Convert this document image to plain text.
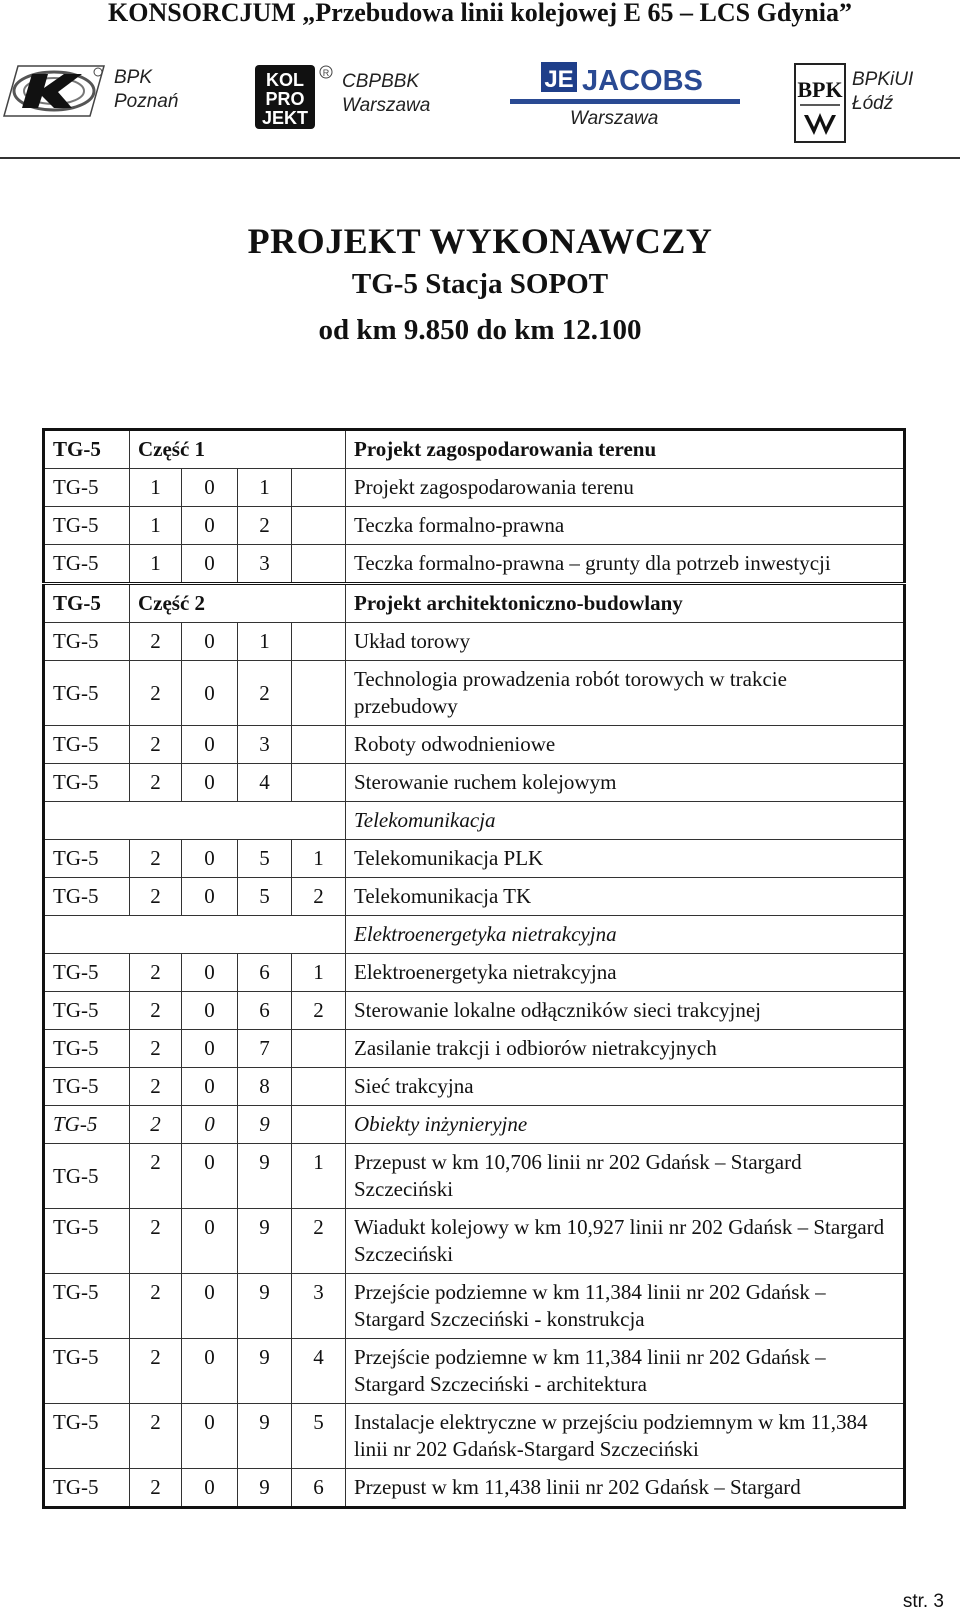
KONSORCJUM „Przebudowa linii kolejowej E 65 – LCS Gdynia”
BPK
Poznań
KOL
PRO
JEKT
R CBPBBK
Warszawa
JE JACOBS
Warszawa
BPK BPKiUI
Łódź
PROJEKT WYKONAWCZY
TG-5 Stacja SOPOT
od km 9.850 do km 12.100
TG-5	Część 1				Projekt zagospodarowania terenu
TG-5	1	0	1		Projekt zagospodarowania terenu
TG-5	1	0	2		Teczka formalno-prawna
TG-5	1	0	3		Teczka formalno-prawna – grunty dla potrzeb inwestycji
TG-5	Część 2				Projekt architektoniczno-budowlany
TG-5	2	0	1		Układ torowy
TG-5	2	0	2		Technologia prowadzenia robót torowych w trakcie przebudowy
TG-5	2	0	3		Roboty odwodnieniowe
TG-5	2	0	4		Sterowanie ruchem kolejowym
					Telekomunikacja
TG-5	2	0	5	1	Telekomunikacja PLK
TG-5	2	0	5	2	Telekomunikacja TK
					Elektroenergetyka nietrakcyjna
TG-5	2	0	6	1	Elektroenergetyka nietrakcyjna
TG-5	2	0	6	2	Sterowanie lokalne odłączników sieci trakcyjnej
TG-5	2	0	7		Zasilanie trakcji i odbiorów nietrakcyjnych
TG-5	2	0	8		Sieć trakcyjna
TG-5	2	0	9		Obiekty inżynieryjne
TG-5	2	0	9	1	Przepust w km 10,706 linii nr 202 Gdańsk – Stargard Szczeciński
TG-5	2	0	9	2	Wiadukt kolejowy w km 10,927 linii nr 202 Gdańsk – Stargard Szczeciński
TG-5	2	0	9	3	Przejście podziemne w km 11,384 linii nr 202 Gdańsk – Stargard Szczeciński - konstrukcja
TG-5	2	0	9	4	Przejście podziemne w km 11,384 linii nr 202 Gdańsk – Stargard Szczeciński - architektura
TG-5	2	0	9	5	Instalacje elektryczne w przejściu podziemnym w km 11,384 linii nr 202 Gdańsk-Stargard Szczeciński
TG-5	2	0	9	6	Przepust w km 11,438 linii nr 202 Gdańsk – Stargard
str. 3
